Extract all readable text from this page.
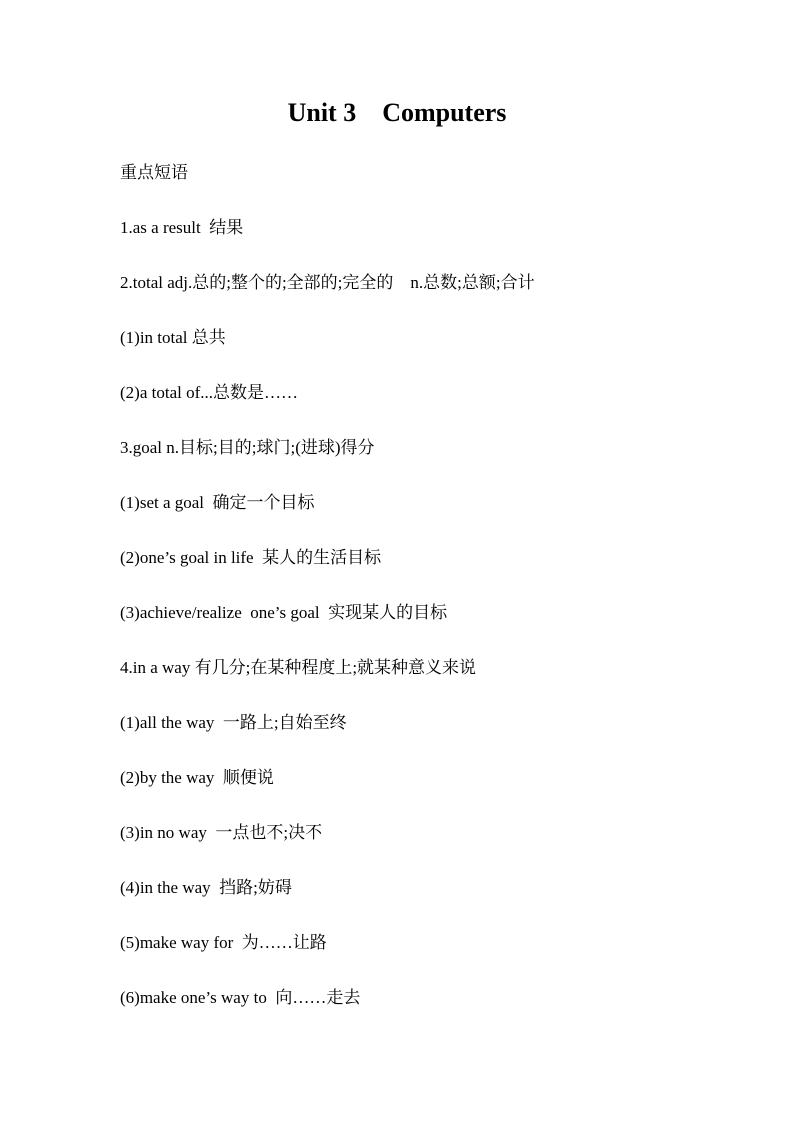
Unit 3    Computers
重点短语
1.as a result  结果
2.total adj.总的;整个的;全部的;完全的    n.总数;总额;合计
(1)in total 总共
(2)a total of...总数是……
3.goal n.目标;目的;球门;(进球)得分
(1)set a goal  确定一个目标
(2)one’s goal in life  某人的生活目标
(3)achieve/realize  one’s goal  实现某人的目标
4.in a way 有几分;在某种程度上;就某种意义来说
(1)all the way  一路上;自始至终
(2)by the way  顺便说
(3)in no way  一点也不;决不
(4)in the way  挡路;妨碍
(5)make way for  为……让路
(6)make one’s way to  向……走去
